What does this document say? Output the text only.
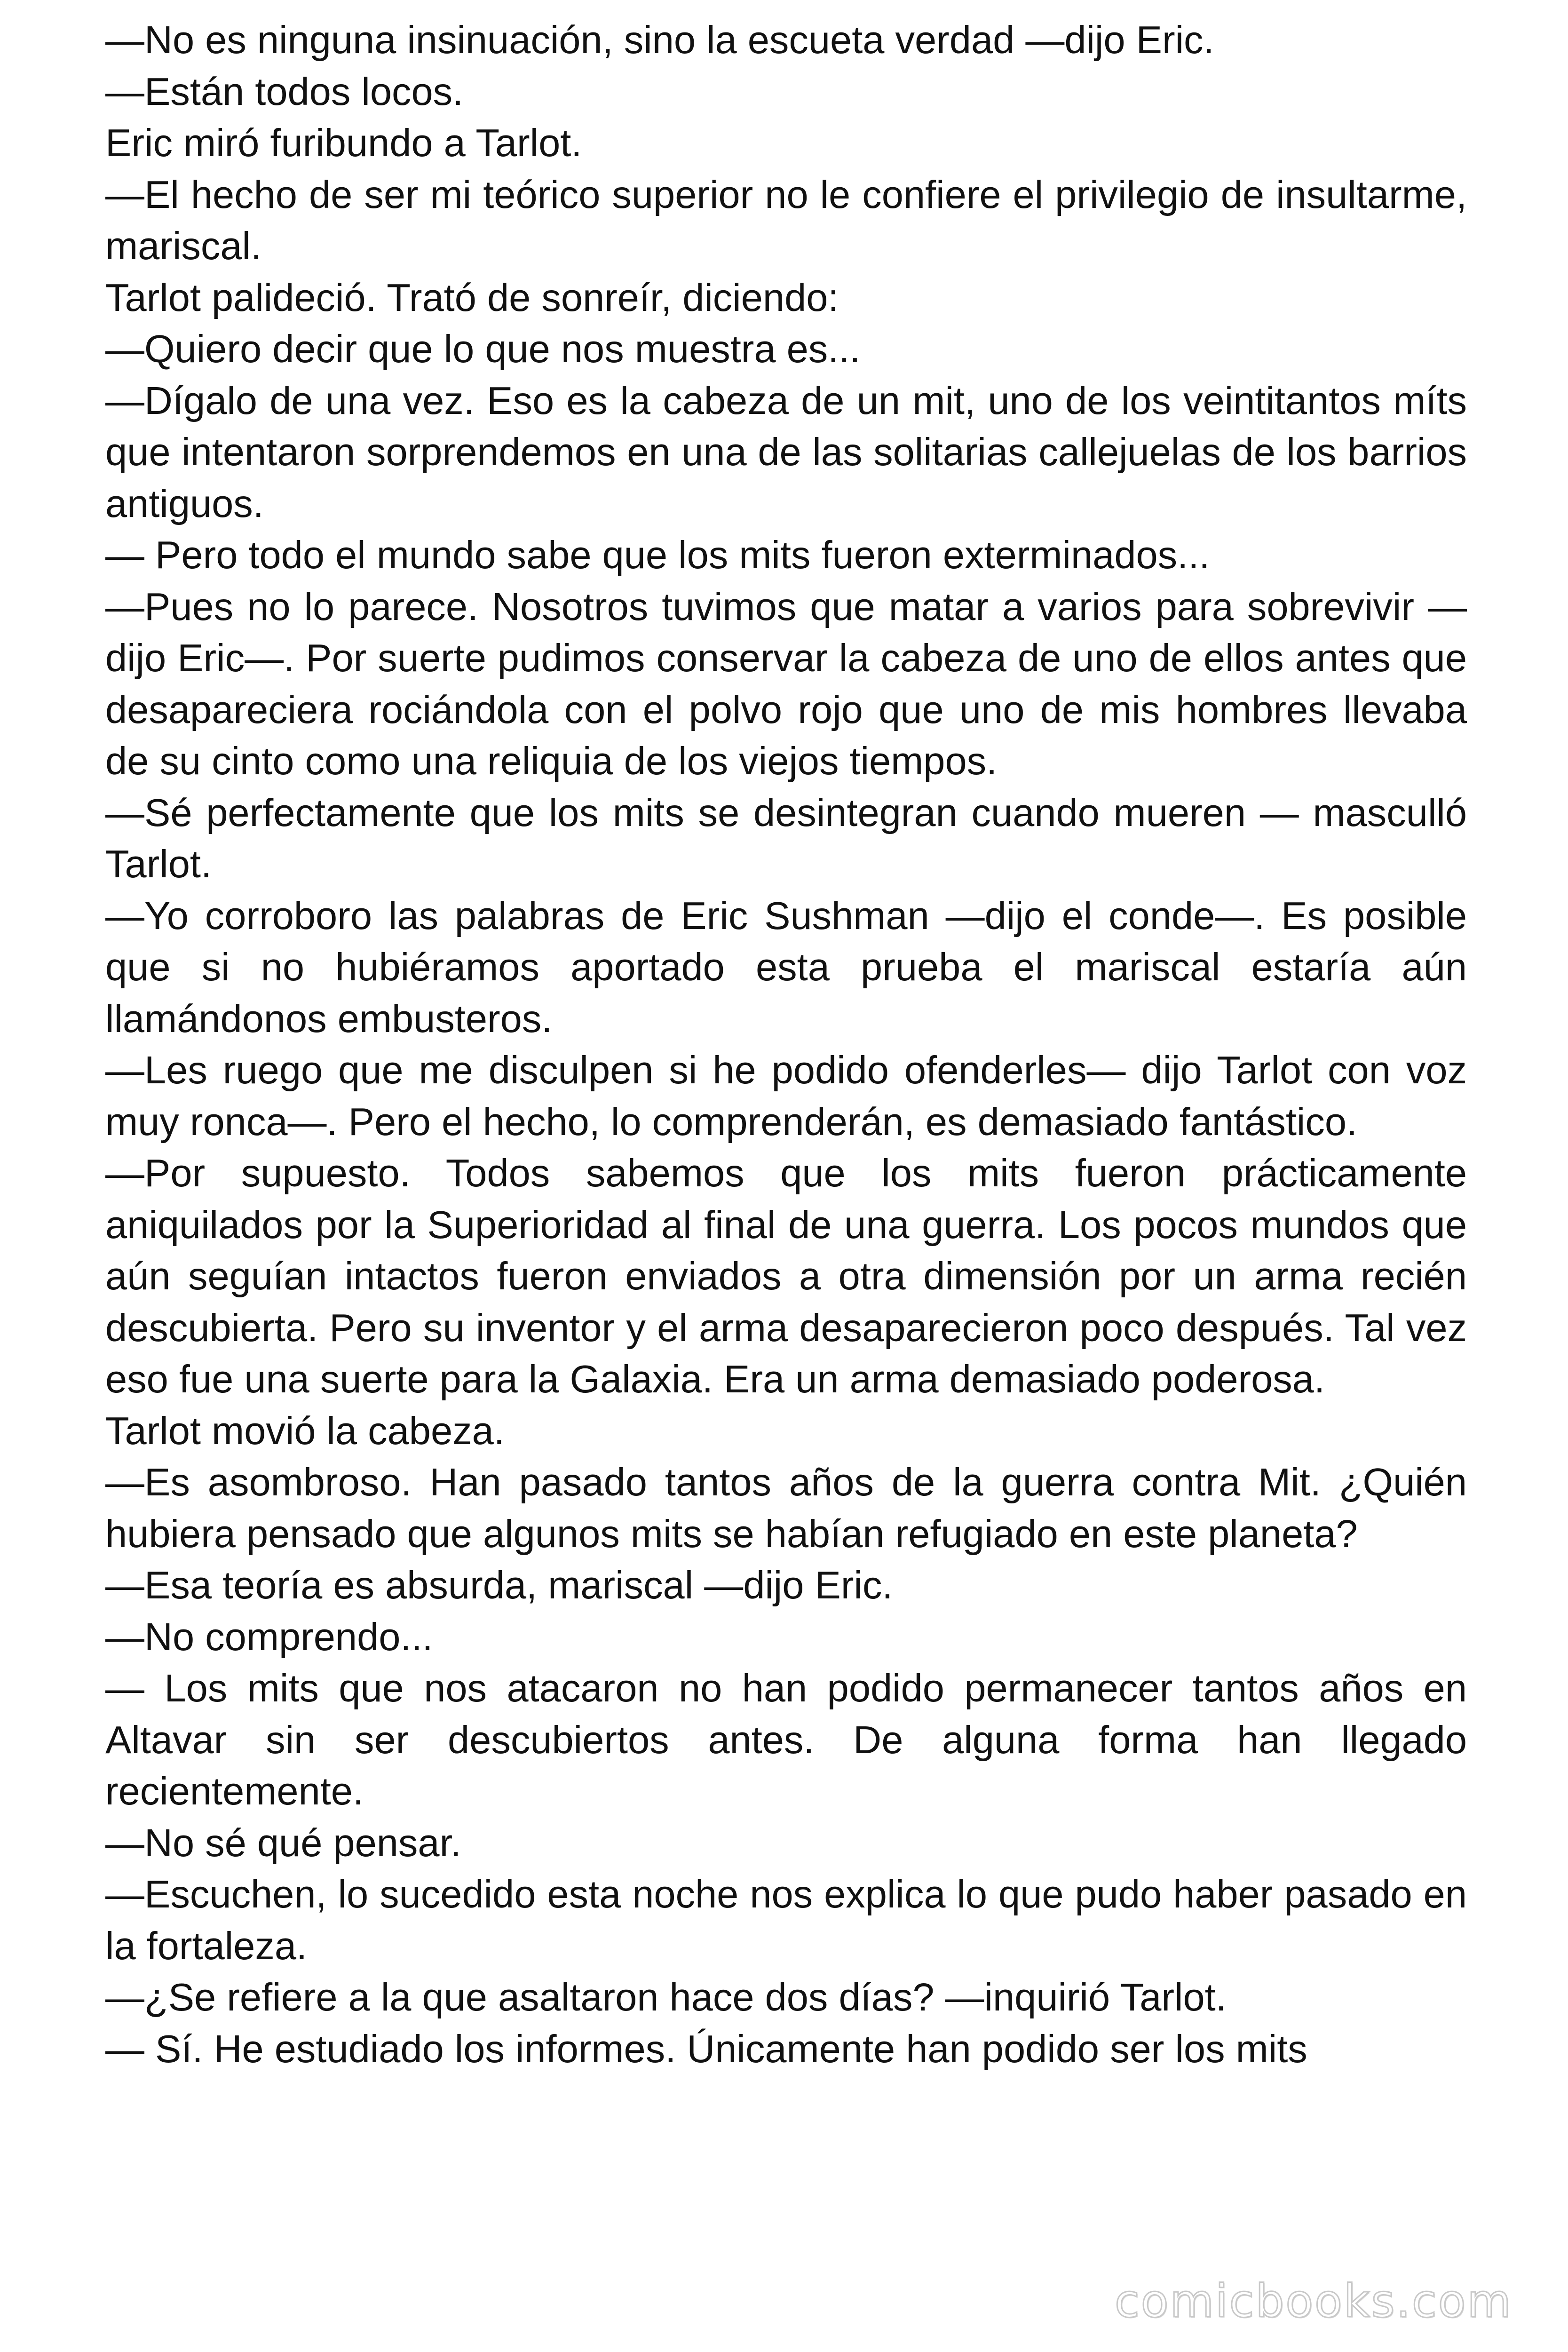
—No es ninguna insinuación, sino la escueta verdad —dijo Eric.

—Están todos locos.

Eric miró furibundo a Tarlot.

—El hecho de ser mi teórico superior no le confiere el privilegio de insultarme, mariscal.

Tarlot palideció. Trató de sonreír, diciendo:

—Quiero decir que lo que nos muestra es...

—Dígalo de una vez. Eso es la cabeza de un mit, uno de los veintitantos míts que intentaron sorprendemos en una de las solitarias callejuelas de los barrios antiguos.

— Pero todo el mundo sabe que los mits fueron exterminados...

—Pues no lo parece. Nosotros tuvimos que matar a varios para sobrevivir —dijo Eric—. Por suerte pudimos conservar la cabeza de uno de ellos antes que desapareciera rociándola con el polvo rojo que uno de mis hombres llevaba de su cinto como una reliquia de los viejos tiempos.

—Sé perfectamente que los mits se desintegran cuando mueren — masculló Tarlot.

—Yo corroboro las palabras de Eric Sushman —dijo el conde—. Es posible que si no hubiéramos aportado esta prueba el mariscal estaría aún llamándonos embusteros.

—Les ruego que me disculpen si he podido ofenderles— dijo Tarlot con voz muy ronca—. Pero el hecho, lo comprenderán, es demasiado fantástico.

—Por supuesto. Todos sabemos que los mits fueron prácticamente aniquilados por la Superioridad al final de una guerra. Los pocos mundos que aún seguían intactos fueron enviados a otra dimensión por un arma recién descubierta. Pero su inventor y el arma desaparecieron poco después. Tal vez eso fue una suerte para la Galaxia. Era un arma demasiado poderosa.

Tarlot movió la cabeza.

—Es asombroso. Han pasado tantos años de la guerra contra Mit. ¿Quién hubiera pensado que algunos mits se habían refugiado en este planeta?

—Esa teoría es absurda, mariscal —dijo Eric.

—No comprendo...

— Los mits que nos atacaron no han podido permanecer tantos años en Altavar sin ser descubiertos antes. De alguna forma han llegado recientemente.

—No sé qué pensar.

—Escuchen, lo sucedido esta noche nos explica lo que pudo haber pasado en la fortaleza.

—¿Se refiere a la que asaltaron hace dos días? —inquirió Tarlot.

— Sí. He estudiado los informes. Únicamente han podido ser los mits

comicbooks.com
